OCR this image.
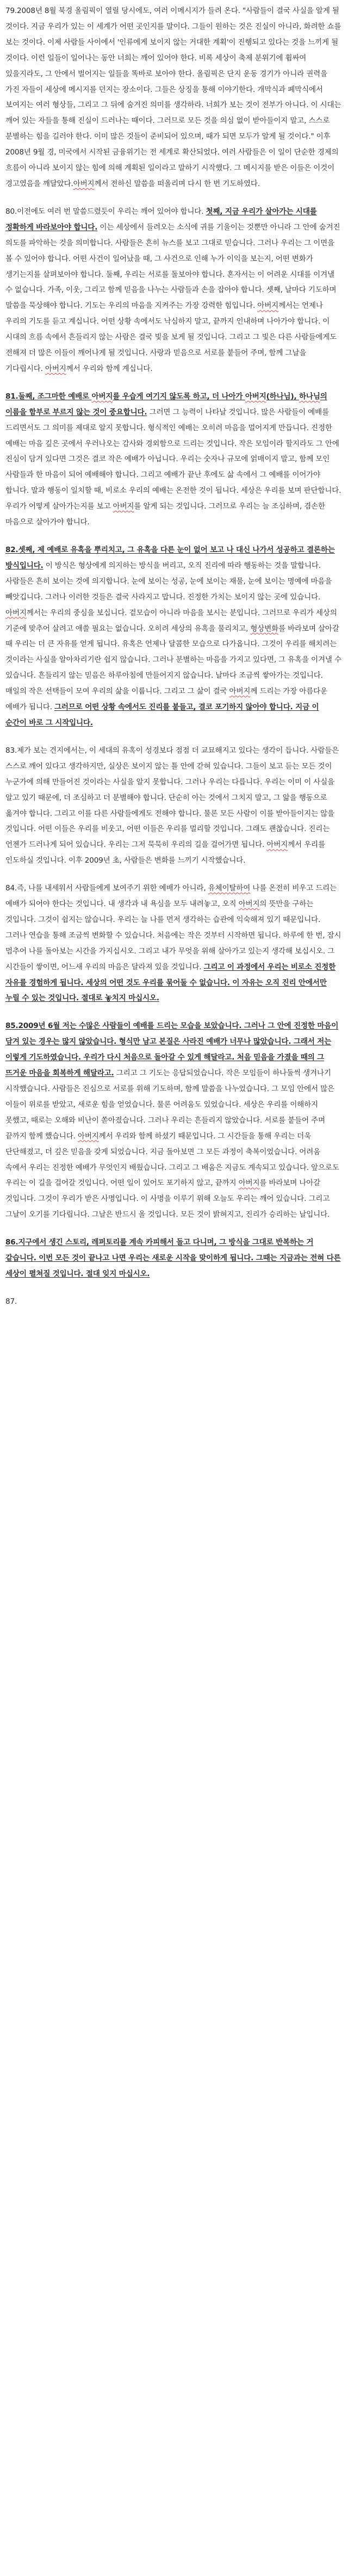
79.2008년 8월 북경 올림픽이 열릴 당시에도, 여러 이메시지가 들려 온다. "사람들이 결국 사실을 알게 될 것이다. 지금 우리가 있는 이 세계가 어떤 곳인지를 말이다. 그들이 원하는 것은 진실이 아니라, 화려한 쇼를 보는 것이다. 이제 사람들 사이에서 '인류에게 보이지 않는 거대한 계획'이 진행되고 있다는 것을 느끼게 될 것이다. 이런 일들이 일어나는 동안 너희는 깨어 있어야 한다. 비록 세상이 축제 분위기에 휩싸여 있을지라도, 그 안에서 벌어지는 일들을 똑바로 보아야 한다. 올림픽은 단지 운동 경기가 아니라 권력을 가진 자들이 세상에 메시지를 던지는 장소이다. 그들은 상징을 통해 이야기한다. 개막식과 폐막식에서 보여지는 여러 형상들, 그리고 그 뒤에 숨겨진 의미를 생각하라. 너희가 보는 것이 전부가 아니다. 이 시대는 깨어 있는 자들을 통해 진실이 드러나는 때이다. 그러므로 모든 것을 의심 없이 받아들이지 말고, 스스로 분별하는 힘을 길러야 한다. 이미 많은 것들이 준비되어 있으며, 때가 되면 모두가 알게 될 것이다." 이후 2008년 9월 경, 미국에서 시작된 금융위기는 전 세계로 확산되었다. 여러 사람들은 이 일이 단순한 경제의 흐름이 아니라 보이지 않는 힘에 의해 계획된 일이라고 말하기 시작했다. 그 메시지를 받은 이들은 이것이 경고였음을 깨달았다.아버지께서 전하신 말씀을 떠올리며 다시 한 번 기도하였다.

80.이전에도 여러 번 말씀드렸듯이 우리는 깨어 있어야 합니다. 첫째, 지금 우리가 살아가는 시대를 정확하게 바라보아야 합니다. 이는 세상에서 들려오는 소식에 귀를 기울이는 것뿐만 아니라 그 안에 숨겨진 의도를 파악하는 것을 의미합니다. 사람들은 흔히 뉴스를 보고 그대로 믿습니다. 그러나 우리는 그 이면을 볼 수 있어야 합니다. 어떤 사건이 일어났을 때, 그 사건으로 인해 누가 이익을 보는지, 어떤 변화가 생기는지를 살펴보아야 합니다. 둘째, 우리는 서로를 돌보아야 합니다. 혼자서는 이 어려운 시대를 이겨낼 수 없습니다. 가족, 이웃, 그리고 함께 믿음을 나누는 사람들과 손을 잡아야 합니다. 셋째, 날마다 기도하며 말씀을 묵상해야 합니다. 기도는 우리의 마음을 지켜주는 가장 강력한 힘입니다. 아버지께서는 언제나 우리의 기도를 듣고 계십니다. 어떤 상황 속에서도 낙심하지 말고, 끝까지 인내하며 나아가야 합니다. 이 시대의 흐름 속에서 흔들리지 않는 사람은 결국 빛을 보게 될 것입니다. 그리고 그 빛은 다른 사람들에게도 전해져 더 많은 이들이 깨어나게 될 것입니다. 사랑과 믿음으로 서로를 붙들어 주며, 함께 그날을 기다립시다. 아버지께서 우리와 함께 계십니다.

81.둘째, 조그마한 예배로 아버지를 우습게 여기지 않도록 하고, 더 나아가 아버지(하나님), 하나님의 이름을 함부로 부르지 않는 것이 중요합니다. 그러면 그 능력이 나타날 것입니다. 많은 사람들이 예배를 드리면서도 그 의미를 제대로 알지 못합니다. 형식적인 예배는 오히려 마음을 멀어지게 만듭니다. 진정한 예배는 마음 깊은 곳에서 우러나오는 감사와 경외함으로 드리는 것입니다. 작은 모임이라 할지라도 그 안에 진심이 담겨 있다면 그것은 결코 작은 예배가 아닙니다. 우리는 숫자나 규모에 얽매이지 말고, 함께 모인 사람들과 한 마음이 되어 예배해야 합니다. 그리고 예배가 끝난 후에도 삶 속에서 그 예배를 이어가야 합니다. 말과 행동이 일치할 때, 비로소 우리의 예배는 온전한 것이 됩니다. 세상은 우리를 보며 판단합니다. 우리가 어떻게 살아가는지를 보고 아버지를 알게 되는 것입니다. 그러므로 우리는 늘 조심하며, 겸손한 마음으로 살아가야 합니다.

82.셋째, 제 예배로 유혹을 뿌리치고, 그 유혹을 다른 눈이 없어 보고 나 대신 나가서 성공하고 결론하는 방식입니다. 이 방식은 형상에게 의지하는 방식을 버리고, 오직 진리에 따라 행동하는 것을 말합니다. 사람들은 흔히 보이는 것에 의지합니다. 눈에 보이는 성공, 눈에 보이는 재물, 눈에 보이는 명예에 마음을 빼앗깁니다. 그러나 이러한 것들은 결국 사라지고 맙니다. 진정한 가치는 보이지 않는 곳에 있습니다. 아버지께서는 우리의 중심을 보십니다. 겉모습이 아니라 마음을 보시는 분입니다. 그러므로 우리가 세상의 기준에 맞추어 살려고 애쓸 필요는 없습니다. 오히려 세상의 유혹을 물리치고, 형상변화를 바라보며 살아갈 때 우리는 더 큰 자유를 얻게 됩니다. 유혹은 언제나 달콤한 모습으로 다가옵니다. 그것이 우리를 해치려는 것이라는 사실을 알아차리기란 쉽지 않습니다. 그러나 분별하는 마음을 가지고 있다면, 그 유혹을 이겨낼 수 있습니다. 흔들리지 않는 믿음은 하루아침에 만들어지지 않습니다. 날마다 조금씩 쌓아가는 것입니다. 매일의 작은 선택들이 모여 우리의 삶을 이룹니다. 그리고 그 삶이 결국 아버지께 드리는 가장 아름다운 예배가 됩니다. 그러므로 어떤 상황 속에서도 진리를 붙들고, 결코 포기하지 않아야 합니다. 지금 이 순간이 바로 그 시작입니다.

83.제가 보는 견지에서는, 이 세대의 유혹이 성경보다 점점 더 교묘해지고 있다는 생각이 듭니다. 사람들은 스스로 깨어 있다고 생각하지만, 실상은 보이지 않는 틀 안에 갇혀 있습니다. 그들이 보고 듣는 모든 것이 누군가에 의해 만들어진 것이라는 사실을 알지 못합니다. 그러나 우리는 다릅니다. 우리는 이미 이 사실을 알고 있기 때문에, 더 조심하고 더 분별해야 합니다. 단순히 아는 것에서 그치지 말고, 그 앎을 행동으로 옮겨야 합니다. 그리고 이를 다른 사람들에게도 전해야 합니다. 물론 모든 사람이 이를 받아들이지는 않을 것입니다. 어떤 이들은 우리를 비웃고, 어떤 이들은 우리를 멀리할 것입니다. 그래도 괜찮습니다. 진리는 언젠가 드러나게 되어 있습니다. 우리는 그저 묵묵히 우리의 길을 걸어가면 됩니다. 아버지께서 우리를 인도하실 것입니다. 이후 2009년 초, 사람들은 변화를 느끼기 시작했습니다.

84.즉, 나를 내세워서 사람들에게 보여주기 위한 예배가 아니라, 유체이탈하여 나를 온전히 비우고 드리는 예배가 되어야 한다는 것입니다. 내 생각과 내 욕심을 모두 내려놓고, 오직 아버지의 뜻만을 구하는 것입니다. 그것이 쉽지는 않습니다. 우리는 늘 나를 먼저 생각하는 습관에 익숙해져 있기 때문입니다. 그러나 연습을 통해 조금씩 변화할 수 있습니다. 처음에는 작은 것부터 시작하면 됩니다. 하루에 한 번, 잠시 멈추어 나를 돌아보는 시간을 가지십시오. 그리고 내가 무엇을 위해 살아가고 있는지 생각해 보십시오. 그 시간들이 쌓이면, 어느새 우리의 마음은 달라져 있을 것입니다. 그리고 이 과정에서 우리는 비로소 진정한 자유를 경험하게 됩니다. 세상의 어떤 것도 우리를 묶어둘 수 없습니다. 이 자유는 오직 진리 안에서만 누릴 수 있는 것입니다. 절대로 놓치지 마십시오.

85.2009년 6월 저는 수많은 사람들이 예배를 드리는 모습을 보았습니다. 그러나 그 안에 진정한 마음이 담겨 있는 경우는 많지 않았습니다. 형식만 남고 본질은 사라진 예배가 너무나 많았습니다. 그래서 저는 이렇게 기도하였습니다. 우리가 다시 처음으로 돌아갈 수 있게 해달라고. 처음 믿음을 가졌을 때의 그 뜨거운 마음을 회복하게 해달라고. 그리고 그 기도는 응답되었습니다. 작은 모임들이 하나둘씩 생겨나기 시작했습니다. 사람들은 진심으로 서로를 위해 기도하며, 함께 말씀을 나누었습니다. 그 모임 안에서 많은 이들이 위로를 받았고, 새로운 힘을 얻었습니다. 물론 어려움도 있었습니다. 세상은 우리를 이해하지 못했고, 때로는 오해와 비난이 쏟아졌습니다. 그러나 우리는 흔들리지 않았습니다. 서로를 붙들어 주며 끝까지 함께 했습니다. 아버지께서 우리와 함께 하셨기 때문입니다. 그 시간들을 통해 우리는 더욱 단단해졌고, 더 깊은 믿음을 갖게 되었습니다. 지금 돌아보면 그 모든 과정이 축복이었습니다. 어려움 속에서 우리는 진정한 예배가 무엇인지 배웠습니다. 그리고 그 배움은 지금도 계속되고 있습니다. 앞으로도 우리는 이 길을 걸어갈 것입니다. 어떤 일이 있어도 포기하지 않고, 끝까지 아버지를 바라보며 나아갈 것입니다. 그것이 우리가 받은 사명입니다. 이 사명을 이루기 위해 오늘도 우리는 깨어 있습니다. 그리고 그날이 오기를 기다립니다. 그날은 반드시 올 것입니다. 모든 것이 밝혀지고, 진리가 승리하는 날입니다.

86.지구에서 생긴 스토리, 레퍼토리를 계속 카피해서 돌고 다니며, 그 방식을 그대로 반복하는 거 같습니다. 이번 모든 것이 끝나고 나면 우리는 새로운 시작을 맞이하게 됩니다. 그때는 지금과는 전혀 다른 세상이 펼쳐질 것입니다. 절대 잊지 마십시오.

87.
